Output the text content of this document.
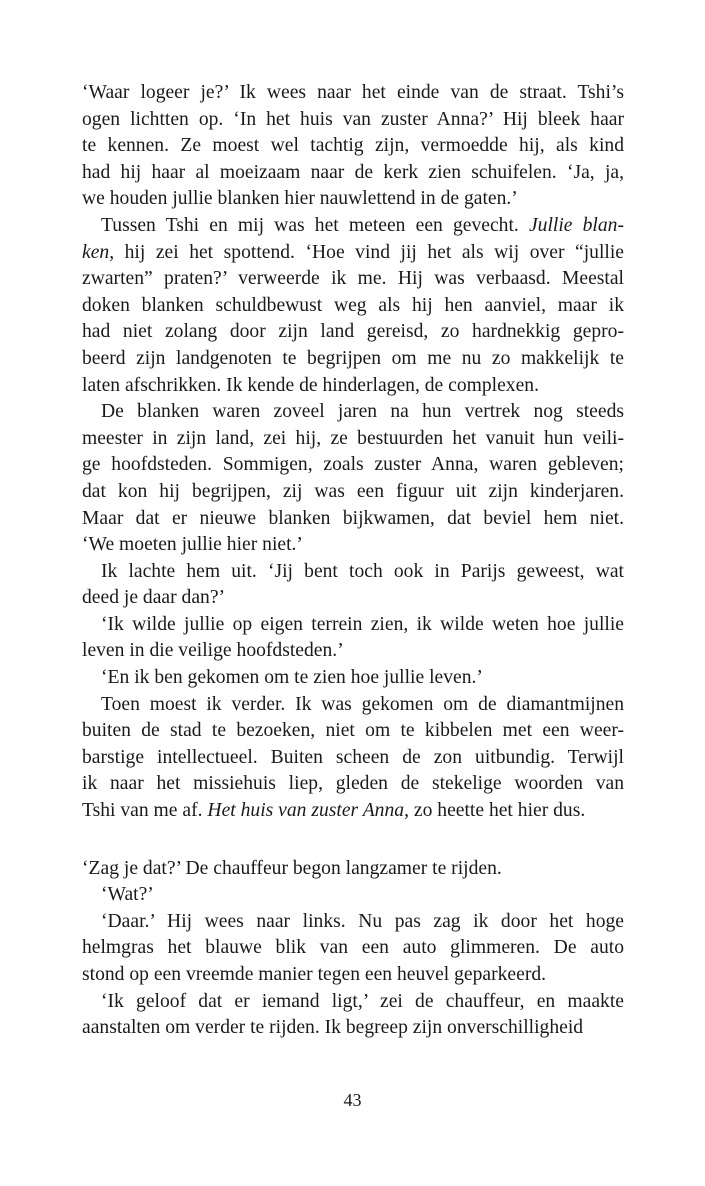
‘Waar logeer je?’ Ik wees naar het einde van de straat. Tshi’s
ogen lichtten op. ‘In het huis van zuster Anna?’ Hij bleek haar
te kennen. Ze moest wel tachtig zijn, vermoedde hij, als kind
had hij haar al moeizaam naar de kerk zien schuifelen. ‘Ja, ja,
we houden jullie blanken hier nauwlettend in de gaten.’
Tussen Tshi en mij was het meteen een gevecht. Jullie blan-
ken, hij zei het spottend. ‘Hoe vind jij het als wij over “jullie
zwarten” praten?’ verweerde ik me. Hij was verbaasd. Meestal
doken blanken schuldbewust weg als hij hen aanviel, maar ik
had niet zolang door zijn land gereisd, zo hardnekkig gepro-
beerd zijn landgenoten te begrijpen om me nu zo makkelijk te
laten afschrikken. Ik kende de hinderlagen, de complexen.
De blanken waren zoveel jaren na hun vertrek nog steeds
meester in zijn land, zei hij, ze bestuurden het vanuit hun veili-
ge hoofdsteden. Sommigen, zoals zuster Anna, waren gebleven;
dat kon hij begrijpen, zij was een figuur uit zijn kinderjaren.
Maar dat er nieuwe blanken bijkwamen, dat beviel hem niet.
‘We moeten jullie hier niet.’
Ik lachte hem uit. ‘Jij bent toch ook in Parijs geweest, wat
deed je daar dan?’
‘Ik wilde jullie op eigen terrein zien, ik wilde weten hoe jullie
leven in die veilige hoofdsteden.’
‘En ik ben gekomen om te zien hoe jullie leven.’
Toen moest ik verder. Ik was gekomen om de diamantmijnen
buiten de stad te bezoeken, niet om te kibbelen met een weer-
barstige intellectueel. Buiten scheen de zon uitbundig. Terwijl
ik naar het missiehuis liep, gleden de stekelige woorden van
Tshi van me af. Het huis van zuster Anna, zo heette het hier dus.
‘Zag je dat?’ De chauffeur begon langzamer te rijden.
‘Wat?’
‘Daar.’ Hij wees naar links. Nu pas zag ik door het hoge
helmgras het blauwe blik van een auto glimmeren. De auto
stond op een vreemde manier tegen een heuvel geparkeerd.
‘Ik geloof dat er iemand ligt,’ zei de chauffeur, en maakte
aanstalten om verder te rijden. Ik begreep zijn onverschilligheid
43
